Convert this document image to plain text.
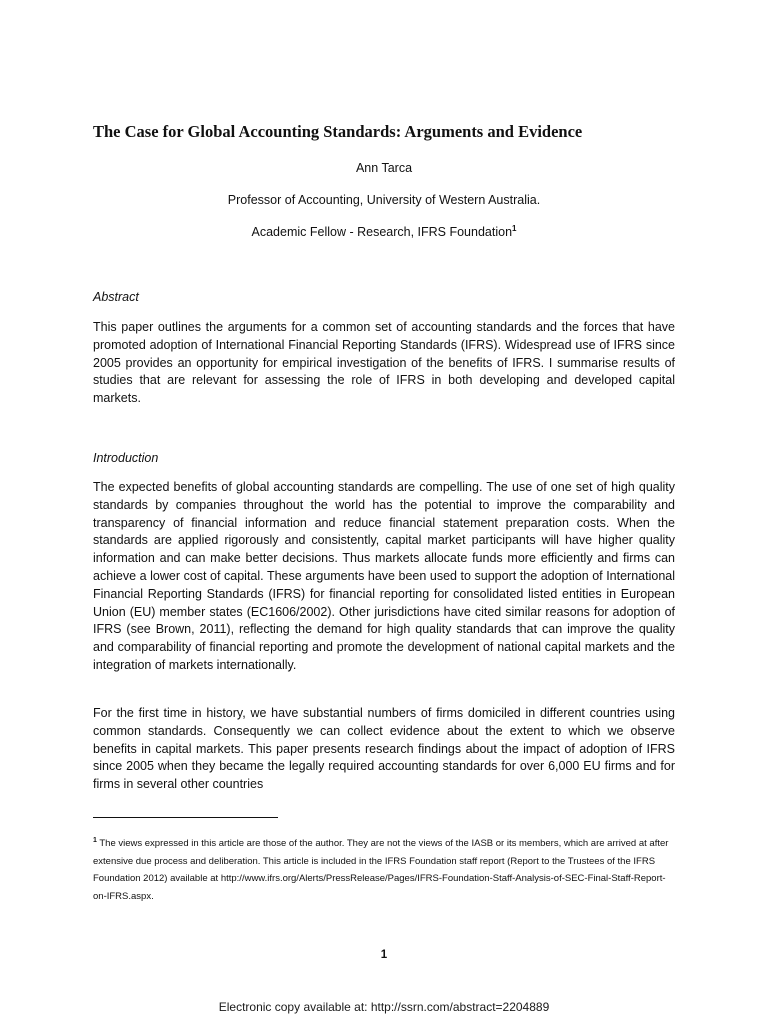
The Case for Global Accounting Standards: Arguments and Evidence
Ann Tarca
Professor of Accounting, University of Western Australia.
Academic Fellow - Research, IFRS Foundation$^1$
Abstract
This paper outlines the arguments for a common set of accounting standards and the forces that have promoted adoption of International Financial Reporting Standards (IFRS). Widespread use of IFRS since 2005 provides an opportunity for empirical investigation of the benefits of IFRS. I summarise results of studies that are relevant for assessing the role of IFRS in both developing and developed capital markets.
Introduction
The expected benefits of global accounting standards are compelling. The use of one set of high quality standards by companies throughout the world has the potential to improve the comparability and transparency of financial information and reduce financial statement preparation costs. When the standards are applied rigorously and consistently, capital market participants will have higher quality information and can make better decisions. Thus markets allocate funds more efficiently and firms can achieve a lower cost of capital. These arguments have been used to support the adoption of International Financial Reporting Standards (IFRS) for financial reporting for consolidated listed entities in European Union (EU) member states (EC1606/2002). Other jurisdictions have cited similar reasons for adoption of IFRS (see Brown, 2011), reflecting the demand for high quality standards that can improve the quality and comparability of financial reporting and promote the development of national capital markets and the integration of markets internationally.
For the first time in history, we have substantial numbers of firms domiciled in different countries using common standards. Consequently we can collect evidence about the extent to which we observe benefits in capital markets. This paper presents research findings about the impact of adoption of IFRS since 2005 when they became the legally required accounting standards for over 6,000 EU firms and for firms in several other countries
$^1$ The views expressed in this article are those of the author. They are not the views of the IASB or its members, which are arrived at after extensive due process and deliberation. This article is included in the IFRS Foundation staff report (Report to the Trustees of the IFRS Foundation 2012) available at http://www.ifrs.org/Alerts/PressRelease/Pages/IFRS-Foundation-Staff-Analysis-of-SEC-Final-Staff-Report-on-IFRS.aspx.
1
Electronic copy available at: http://ssrn.com/abstract=2204889
